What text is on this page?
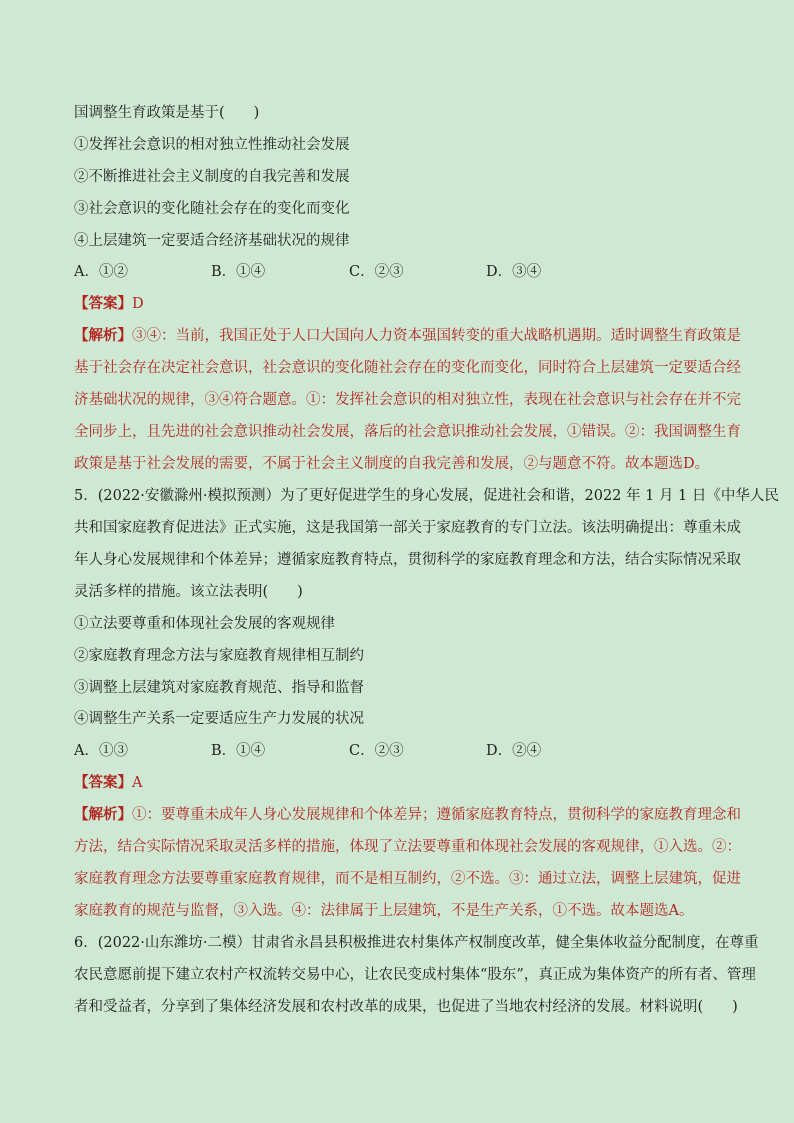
国调整生育政策是基于(　　)
①发挥社会意识的相对独立性推动社会发展
②不断推进社会主义制度的自我完善和发展
③社会意识的变化随社会存在的变化而变化
④上层建筑一定要适合经济基础状况的规律
A．①②	B．①④	C．②③	D．③④
【答案】D
【解析】③④：当前，我国正处于人口大国向人力资本强国转变的重大战略机遇期。适时调整生育政策是
基于社会存在决定社会意识，社会意识的变化随社会存在的变化而变化，同时符合上层建筑一定要适合经
济基础状况的规律，③④符合题意。①：发挥社会意识的相对独立性，表现在社会意识与社会存在并不完
全同步上，且先进的社会意识推动社会发展，落后的社会意识推动社会发展，①错误。②：我国调整生育
政策是基于社会发展的需要，不属于社会主义制度的自我完善和发展，②与题意不符。故本题选D。
5．(2022·安徽滁州·模拟预测）为了更好促进学生的身心发展，促进社会和谐，2022 年 1 月 1 日《中华人民
共和国家庭教育促进法》正式实施，这是我国第一部关于家庭教育的专门立法。该法明确提出：尊重未成
年人身心发展规律和个体差异；遵循家庭教育特点，贯彻科学的家庭教育理念和方法，结合实际情况采取
灵活多样的措施。该立法表明(　　)
①立法要尊重和体现社会发展的客观规律
②家庭教育理念方法与家庭教育规律相互制约
③调整上层建筑对家庭教育规范、指导和监督
④调整生产关系一定要适应生产力发展的状况
A．①③	B．①④	C．②③	D．②④
【答案】A
【解析】①：要尊重未成年人身心发展规律和个体差异；遵循家庭教育特点，贯彻科学的家庭教育理念和
方法，结合实际情况采取灵活多样的措施，体现了立法要尊重和体现社会发展的客观规律，①入选。②：
家庭教育理念方法要尊重家庭教育规律，而不是相互制约，②不选。③：通过立法，调整上层建筑，促进
家庭教育的规范与监督，③入选。④：法律属于上层建筑，不是生产关系，①不选。故本题选A。
6．(2022·山东潍坊·二模）甘肃省永昌县积极推进农村集体产权制度改革，健全集体收益分配制度，在尊重
农民意愿前提下建立农村产权流转交易中心，让农民变成村集体“股东”，真正成为集体资产的所有者、管理
者和受益者，分享到了集体经济发展和农村改革的成果，也促进了当地农村经济的发展。材料说明(　　)
